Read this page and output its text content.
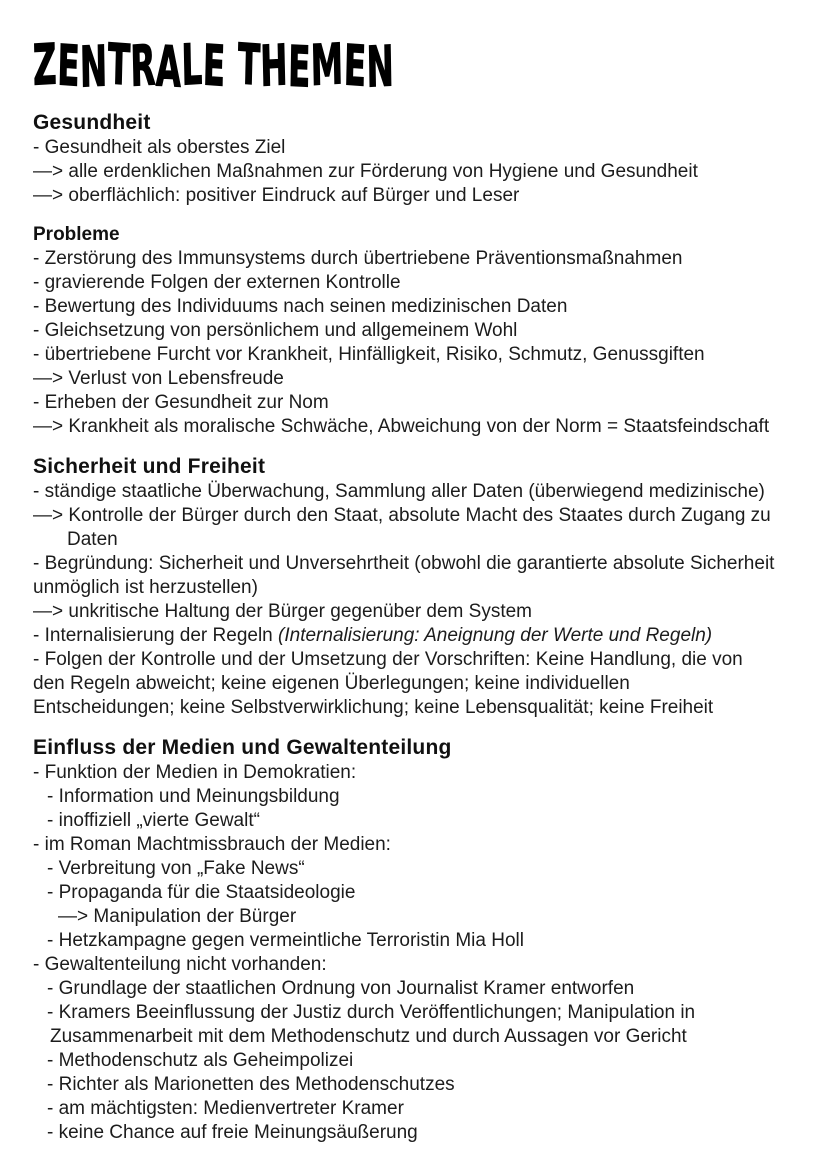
ZENTRALE THEMEN
Gesundheit
- Gesundheit als oberstes Ziel
—> alle erdenklichen Maßnahmen zur Förderung von Hygiene und Gesundheit
—> oberflächlich: positiver Eindruck auf Bürger und Leser
Probleme
- Zerstörung des Immunsystems durch übertriebene Präventionsmaßnahmen
- gravierende Folgen der externen Kontrolle
- Bewertung des Individuums nach seinen medizinischen Daten
- Gleichsetzung von persönlichem und allgemeinem Wohl
- übertriebene Furcht vor Krankheit, Hinfälligkeit, Risiko, Schmutz, Genussgiften
—> Verlust von Lebensfreude
- Erheben der Gesundheit zur Nom
—> Krankheit als moralische Schwäche, Abweichung von der Norm = Staatsfeindschaft
Sicherheit und Freiheit
- ständige staatliche Überwachung, Sammlung aller Daten (überwiegend medizinische)
—> Kontrolle der Bürger durch den Staat, absolute Macht des Staates durch Zugang zu
Daten
- Begründung: Sicherheit und Unversehrtheit (obwohl die garantierte absolute Sicherheit
unmöglich ist herzustellen)
—> unkritische Haltung der Bürger gegenüber dem System
- Internalisierung der Regeln (Internalisierung: Aneignung der Werte und Regeln)
- Folgen der Kontrolle und der Umsetzung der Vorschriften: Keine Handlung, die von
den Regeln abweicht; keine eigenen Überlegungen; keine individuellen
Entscheidungen; keine Selbstverwirklichung; keine Lebensqualität; keine Freiheit
Einfluss der Medien und Gewaltenteilung
- Funktion der Medien in Demokratien:
- Information und Meinungsbildung
- inoffiziell „vierte Gewalt“
- im Roman Machtmissbrauch der Medien:
- Verbreitung von „Fake News“
- Propaganda für die Staatsideologie
—> Manipulation der Bürger
- Hetzkampagne gegen vermeintliche Terroristin Mia Holl
- Gewaltenteilung nicht vorhanden:
- Grundlage der staatlichen Ordnung von Journalist Kramer entworfen
- Kramers Beeinflussung der Justiz durch Veröffentlichungen; Manipulation in
Zusammenarbeit mit dem Methodenschutz und durch Aussagen vor Gericht
- Methodenschutz als Geheimpolizei
- Richter als Marionetten des Methodenschutzes
- am mächtigsten: Medienvertreter Kramer
- keine Chance auf freie Meinungsäußerung
